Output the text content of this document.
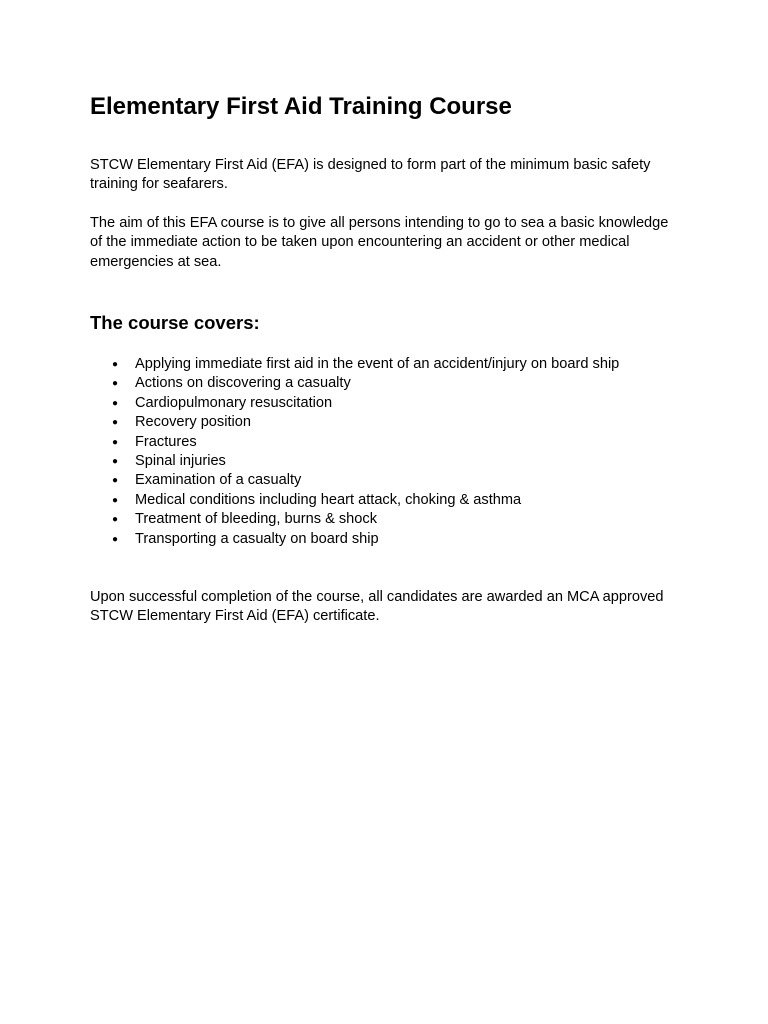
Elementary First Aid Training Course

STCW Elementary First Aid (EFA) is designed to form part of the minimum basic safety training for seafarers.

The aim of this EFA course is to give all persons intending to go to sea a basic knowledge of the immediate action to be taken upon encountering an accident or other medical emergencies at sea.

The course covers:
● Applying immediate first aid in the event of an accident/injury on board ship
● Actions on discovering a casualty
● Cardiopulmonary resuscitation
● Recovery position
● Fractures
● Spinal injuries
● Examination of a casualty
● Medical conditions including heart attack, choking & asthma
● Treatment of bleeding, burns & shock
● Transporting a casualty on board ship

Upon successful completion of the course, all candidates are awarded an MCA approved STCW Elementary First Aid (EFA) certificate.
